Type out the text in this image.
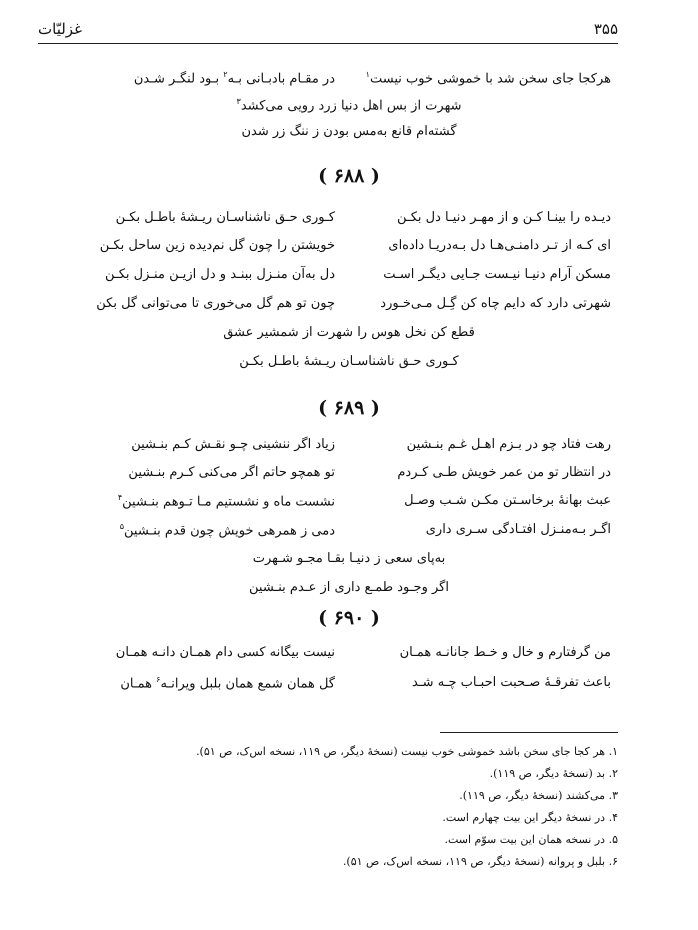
۳۵۵
غزلیّات
هرکجا جای سخن شد با خموشی خوب نیست$^۱$
در مقـام بادبـانی بـه$^۲$ بـود لنگـر شـدن
شهرت از بس اهل دنیا زرد رویی می‌کشد$^۳$
گشته‌ام قانع به‌مس بودن ز ننگ زر شدن
( ۶۸۸ )
دیـده را بینـا کـن و از مهـر دنیـا دل بکـن
کـوری حـق ناشناسـان ریـشهٔ باطـل بکـن
ای کـه از تـر دامنـی‌هـا دل بـه‌دریـا داده‌ای
خویشتن را چون گل نم‌دیده زین ساحل بکـن
مسکن آرام دنیـا نیـست جـایی دیگـر اسـت
دل به‌آن منـزل ببنـد و دل ازیـن منـزل بکـن
شهرتی دارد که دایم چاه کن گِـل مـی‌خـورد
چون تو هم گل می‌خوری تا می‌توانی گل بکن
قطع کن نخل هوس را شهرت از شمشیر عشق
کـوری حـق ناشناسـان ریـشهٔ باطـل بکـن
( ۶۸۹ )
رهت فتاد چو در بـزم اهـل غـم بنـشین
زیاد اگر ننشینی چـو نقـش کـم بنـشین
در انتظار تو من عمر خویش طـی کـردم
تو همچو حاتم اگر می‌کنی کـرم بنـشین
عبث بهانهٔ برخاسـتن مکـن شـب وصـل
نشست ماه و نشستیم مـا تـوهم بنـشین$^۴$
اگـر بـه‌منـزل افتـادگی سـری داری
دمی ز همرهی خویش چون قدم بنـشین$^۵$
به‌پای سعی ز دنیـا بقـا مجـو شـهرت
اگر وجـود طمـع داری از عـدم بنـشین
( ۶۹۰ )
من گرفتارم و خال و خـط جانانـه همـان
نیست بیگانه کسی دام همـان دانـه همـان
باعث تفرقـهٔ صـحبت احبـاب چـه شـد
گل همان شمع همان بلبل ویرانـه$^۶$ همـان
۱. هر کجا جای سخن باشد خموشی خوب نیست (نسخهٔ دیگر، ص ۱۱۹، نسخه اس‌ک، ص ۵۱).
۲. بد (نسخهٔ دیگر، ص ۱۱۹).
۳. می‌کشند (نسخهٔ دیگر، ص ۱۱۹).
۴. در نسخهٔ دیگر این بیت چهارم است.
۵. در نسخه همان این بیت سوّم است.
۶. بلبل و پروانه (نسخهٔ دیگر، ص ۱۱۹، نسخه اس‌ک، ص ۵۱).
